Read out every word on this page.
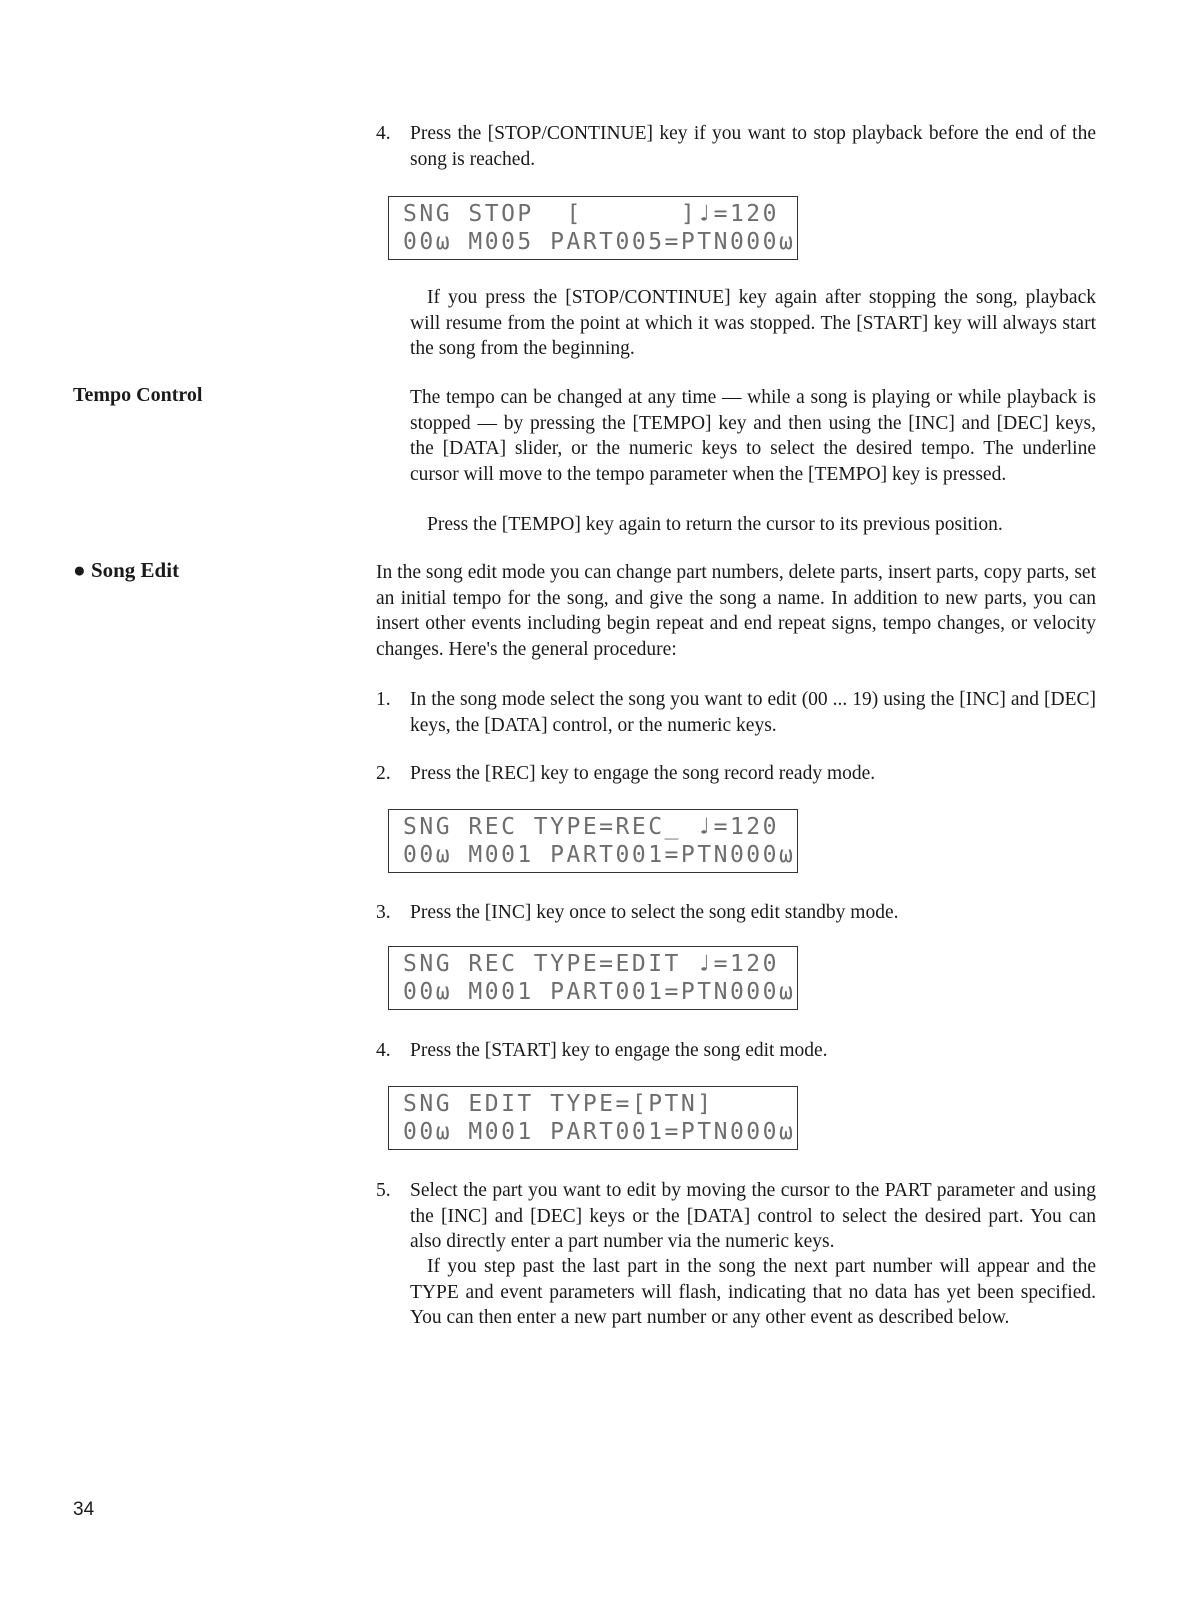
4. Press the [STOP/CONTINUE] key if you want to stop playback before the end of the song is reached.
SNG STOP  [      ]♩=120
00ω M005 PART005=PTN000ω
If you press the [STOP/CONTINUE] key again after stopping the song, playback will resume from the point at which it was stopped. The [START] key will always start the song from the beginning.
Tempo Control	The tempo can be changed at any time — while a song is playing or while playback is stopped — by pressing the [TEMPO] key and then using the [INC] and [DEC] keys, the [DATA] slider, or the numeric keys to select the desired tempo. The underline cursor will move to the tempo parameter when the [TEMPO] key is pressed.
Press the [TEMPO] key again to return the cursor to its previous position.
● Song Edit	In the song edit mode you can change part numbers, delete parts, insert parts, copy parts, set an initial tempo for the song, and give the song a name. In addition to new parts, you can insert other events including begin repeat and end repeat signs, tempo changes, or velocity changes. Here's the general procedure:
1. In the song mode select the song you want to edit (00 ... 19) using the [INC] and [DEC] keys, the [DATA] control, or the numeric keys.
2. Press the [REC] key to engage the song record ready mode.
SNG REC TYPE=REC_ ♩=120
00ω M001 PART001=PTN000ω
3. Press the [INC] key once to select the song edit standby mode.
SNG REC TYPE=EDIT ♩=120
00ω M001 PART001=PTN000ω
4. Press the [START] key to engage the song edit mode.
SNG EDIT TYPE=[PTN]
00ω M001 PART001=PTN000ω
5. Select the part you want to edit by moving the cursor to the PART parameter and using the [INC] and [DEC] keys or the [DATA] control to select the desired part. You can also directly enter a part number via the numeric keys.
If you step past the last part in the song the next part number will appear and the TYPE and event parameters will flash, indicating that no data has yet been specified. You can then enter a new part number or any other event as described below.
34
